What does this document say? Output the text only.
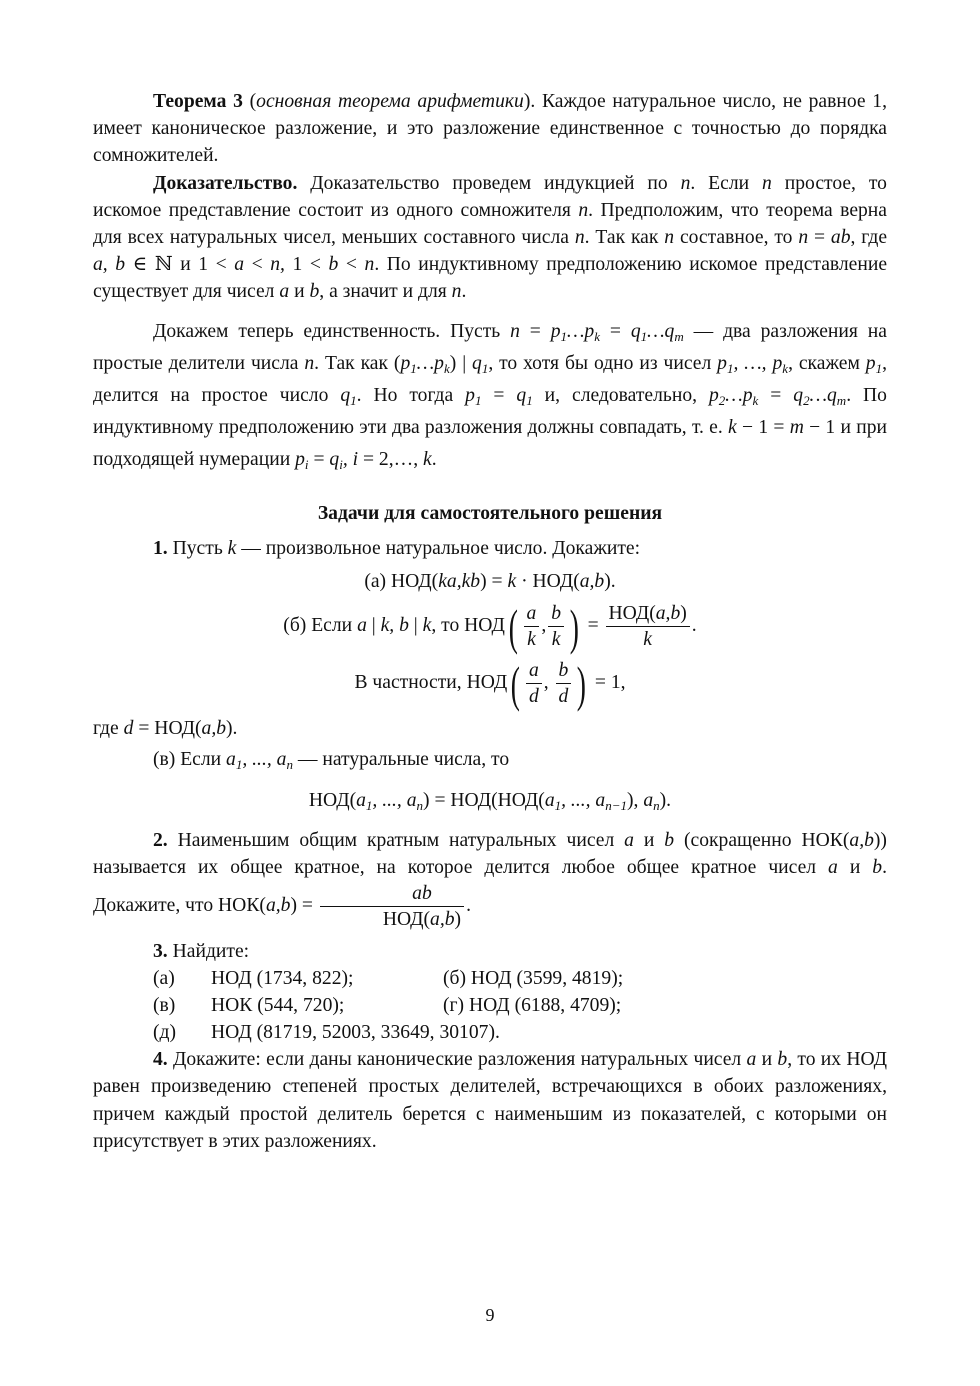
Теорема 3 (основная теорема арифметики). Каждое натуральное число, не равное 1, имеет каноническое разложение, и это разложение единственное с точностью до порядка сомножителей.

Доказательство. Доказательство проведем индукцией по n. Если n простое, то искомое представление состоит из одного сомножителя n. Предположим, что теорема верна для всех натуральных чисел, меньших составного числа n. Так как n составное, то n = ab, где a, b ∈ ℕ и 1 < a < n, 1 < b < n. По индуктивному предположению искомое представление существует для чисел a и b, а значит и для n.

Докажем теперь единственность. Пусть $n = p_1\dots p_k$ = $q_1\dots q_m$ — два разложения на простые делители числа n. Так как $(p_1\dots p_k)$ | $q_1$, то хотя бы одно из чисел $p_1$, …, $p_k$, скажем $p_1$, делится на простое число $q_1$. Но тогда $p_1 = q_1$ и, следовательно, $p_2\dots p_k$ = $q_2\dots q_m$. По индуктивному предположению эти два разложения должны совпадать, т. е. k − 1 = m − 1 и при подходящей нумерации $p_i = q_i$, i = 2,…, k.

Задачи для самостоятельного решения

1. Пусть k — произвольное натуральное число. Докажите:

(а) НОД(ka,kb) = k · НОД(a,b).
(б) Если a | k, b | k, то $НОД( \frac{a}{k}$ , $\frac{b}{k}$ ) = $\frac{\text{НОД(a,b)}}{k}$ .
В частности, $НОД( \frac{a}{d}$ , $\frac{b}{d}$ ) = 1,

где d = НОД(a,b).

(в) Если $a_1$, ..., $a_n$ — натуральные числа, то

$НОД(a_1$, ..., $a_n) = НОД(НОД(a_1$, ..., $a_{n-1}$), $a_n$).

2. Наименьшим общим кратным натуральных чисел a и b (сокращенно НОК(a,b)) называется их общее кратное, на которое делится любое общее кратное чисел a и b. Докажите, что $НОК(a,b) = \frac{ab}{\text{НОД(a,b)}}$ .

3. Найдите:

(а)	НОД (1734, 822);	(б) НОД (3599, 4819);
(в)	НОК (544, 720);	(г) НОД (6188, 4709);
(д)	НОД (81719, 52003, 33649, 30107).

4. Докажите: если даны канонические разложения натуральных чисел a и b, то их НОД равен произведению степеней простых делителей, встречающихся в обоих разложениях, причем каждый простой делитель берется с наименьшим из показателей, с которыми он присутствует в этих разложениях.

9
